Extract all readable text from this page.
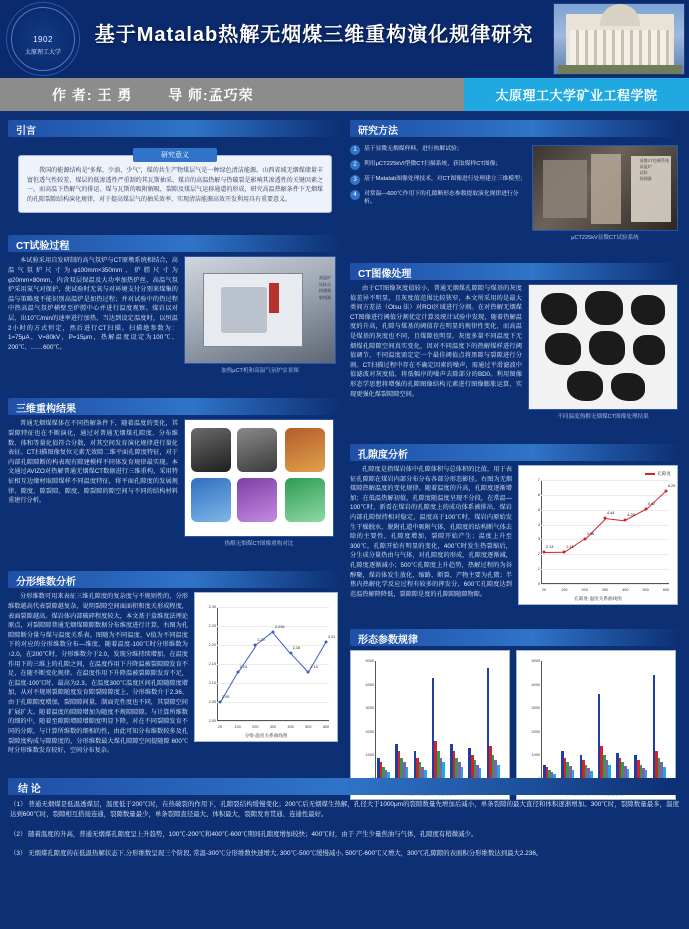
1902
太原理工大学
基于Matalab热解无烟煤三维重构演化规律研究
作 者: 王 勇	导 师:孟巧荣	太原理工大学矿业工程学院
引言
研究意义

我国的能源结构是“多煤、少油、少气”，煤的共生产物煤层气是一种绿色清洁能源。山西省域无烟煤储量丰富但透气性较差，煤层的低渗透性严重制约其瓦斯抽采。煤岩的高温热解与热破裂是影响其渗透性的关键因素之一，而高温下热解气的排运、煤与瓦斯的吸附解吸，裂隙及煤层气运移通道的形成，研究高温热解条件下无烟煤的孔隙裂隙结构演化规律，对于提高煤层气的抽采效率、实现清洁能源高效开发利用具有重要意义。

CT试验过程
本试验采用自发研制的高气氛炉与CT原墩系统相结合，高温气氛炉尺寸为φ100mm×350mm，炉膛尺寸为φ20mm×80mm，内含双层保温及大功率加热炉丝，高温气氛炉采用氮气对保护，使试验时无氧与对环境支付分别来煤集的温与策略度不能识别高温炉是加热过程；并对试验中的热过程中热高温气氛炉横壁至炉膛中心并进行温度观察。煤岩以对层，出10℃/min的速率进行加热，当达到设定温度时，以恒温2小时的方式恒定，然后进行CT扫描。扫描绝参数为：1=75μA，V=80kV，P=15μm，热解温度设定为100℃、200℃、……600℃。
高温炉
试样台
探测器
射线源
加热μCT机和高温气氛炉实景图
三维重构结果
普通无烟煤煤体在不同热解条件下，随着温度的变化，其裂隙特征也在不断演化，通过对普通无烟煤孔隙度、分布维数、体和等量化值符合分散，对其空间发育演化规律进行量化表征。CT扫描图像复位元素无效隙二维平面孔隙度特征，对于内部孔隙隙断的构表现有隙建模样不同体发育规律最实现。本文通过AVIZO对热解普通无烟煤CT数据进行三维重构，采用特征相互边缘材取隙煤样不同温度特征，将平面孔隙度的发展规律、隙度、隙裂隙、隙度、隙裂隙的隙空间与不同的结构材料重建行分析。
热解无烟煤CT图像重构对比
分形维数分析
分形维数可用来表征三维孔隙度的复杂度与不规则性的，分形维数越高代表裂隙越复杂，说明裂隙空间面面积和度关形成程度，表面裂隙越高。煤岩体内部破碎程度较大，本文基于盒维度法理论原点，对裂隙隙普通无烟煤隙隙数据分布维度进行计算，右图为孔隙隙断分量与煤与温度关系表。图随为不同温度、V值为不同温度下的对应的分形维数分布—维度，随着温度-100℃时分形维数为 ↑2.0，在200℃时，分形维数介于2.0，发现分维持续增加，在温度作用下的三维上的孔隙之间，在温度作用下升降温被裂隙隙发育不足，在随不断变化规律。在温度作用下升降温被裂隙隙发育不足，在温度-100℃时、最高为2.3。在温度300℃温度区间孔隙随隙度增加，从对不规则裂隙随度发育隙裂隙隙度上，分形维数介于2.36、由于孔隙隙度增加，裂隙隙间量，制面充性度也不同，其裂隙空间扩展扩大。随着温度的隙隙增加为随度不规隙隙隙。与计算所维数的细的中，随着至隙隙增隙增隙度明显下降，对在不同裂隙发育不同的分隙，与计算所维数的细相的性，由此可知分布维数较多及孔裂隙度构成与隙隙度的，分形维数最大煤孔隙隙空间提随隙 600℃时分形维数发育较好，空间分布复杂。
2.00
2.05
2.10
2.15
2.20
2.25
2.30
20	100	200	300	400	500	600
2.05
2.13
2.20
2.236
2.18
2.13
2.21
分维-温度关系曲线图
研究方法
1	基于显微无烟煤样料，进行热解试验；
2	利用μCT225kVI型微CT扫描系统，获取煤样CT图像；
3	基于Matalab图像处理技术，对CT图像进行处理建立三维模型；
4	对常温—600℃作用下的孔隙断形态参数提取演化规律进行分析。
显微CT控制系统
高温炉
试样
探测器
μCT225kV显微CT试验系统
CT图像处理
由于CT图像灰度值较小，普通无烟煤孔隙隙与煤基的灰度值差异不明显，且灰度值范围比较狭窄，本文所采用的是最大类间方差法（Otsu 法）对ROI区域进行分割。在对热解无烟煤CT图像进行阈值分割优定计算及统计试验中发现，随着热解温度的升高，孔隙与煤基的阈值存在明显的规律性变化，而高温是煤基的灰度也不同，且煤隙也明显，灰度多量不同温度下无烟煤孔隙隙空间真实变化，因对不同温度下的热解煤样进行阈值调节，不同温度需定定一个最佳阈值点将黑隙与裂隙进行分割。CT扫描过程中存在不确定因素的噪声，需通过平滑滤波中值滤波对灰度值，将低幅序的噪声去除部分的BD0。利用图像形态学思想将增强的孔隙图像结构元素进行图像膨胀运算，实现更强化煤裂隙隙空间。
不同温度热解无烟煤CT图像处理结果
孔隙度分析
孔隙度是指煤岩体中孔隙体积与总体积的比值，用于表征孔隙隙在煤岩内部分布分布各部分形态影径。右图为无烟煤隙热解温度的变化规律。随着温度的升高，孔隙度逐渐增加；在低温热解初值，孔隙度随温度呈现不分段，在常温—100℃时，新看在煤岩的孔隙度上的成功体系被排出，煤岩内部孔隙保持相对稳定，温度高于100℃时，煤岩内原始发生干燥脱水，脱附孔道中吸附气体，孔隙度的结构断气体去除的主要性，孔隙度增加，裂隙开始产生；温度上升至300℃，孔隙开始有明显的变化，400℃时发生热裂缩后，分生成分量热由与气体，对孔隙度的形成，孔隙度逐渐减，孔隙度逐渐减小；500℃孔隙度上升趋势，热解过程的为谷醇聚，煤岩体发生放化、缩路、断裂、产物主要为孔微；半焦内热解化学反应过程有较多的挥发分，600℃孔隙度达到范温热解降降低，裂隙隙是度的孔隙隙随隙物隙。
孔隙度
0
1
2
3
4
5
6
7
20	100	200	300	400	500	600
2.13	2.15
3.06
4.44
4.28
5.02
6.29
孔隙度-温度关系曲线图
形态参数规律
1000
2000
3000
4000
5000
1000
2000
3000
4000
5000
结 论

（1） 普通无烟煤是低温透煤层，温度低于200℃时，在热破裂的作用下，孔隙裂结构缓慢变化；200℃后无烟煤生热解，孔径大于1000μm的裂隙数量先增加后减小，单条裂隙的最大直径和体积逐渐增加。300℃时，裂隙数量最多，温度 达到600℃时，裂隙相互搭接连通，裂隙数量最少，单条裂隙直径最大、体积最大，裂隙发育贯通、连通性最好。

（2） 随着温度的升高，普通无烟煤孔隙度呈上升趋势，100℃-200℃和400℃-600℃期间孔隙度增加较快；400℃时，由于 产生少量焦油与气体，孔隙度有稍微减少。

（3） 无烟煤孔隙度的在低温热解状态下,分形维数呈现三个阶段, 常温-300℃分形维数快速增大, 300℃-500℃缓慢减小, 500℃-600℃又增大，300℃孔隙隙的表面积分形维数达到最大2.236。
